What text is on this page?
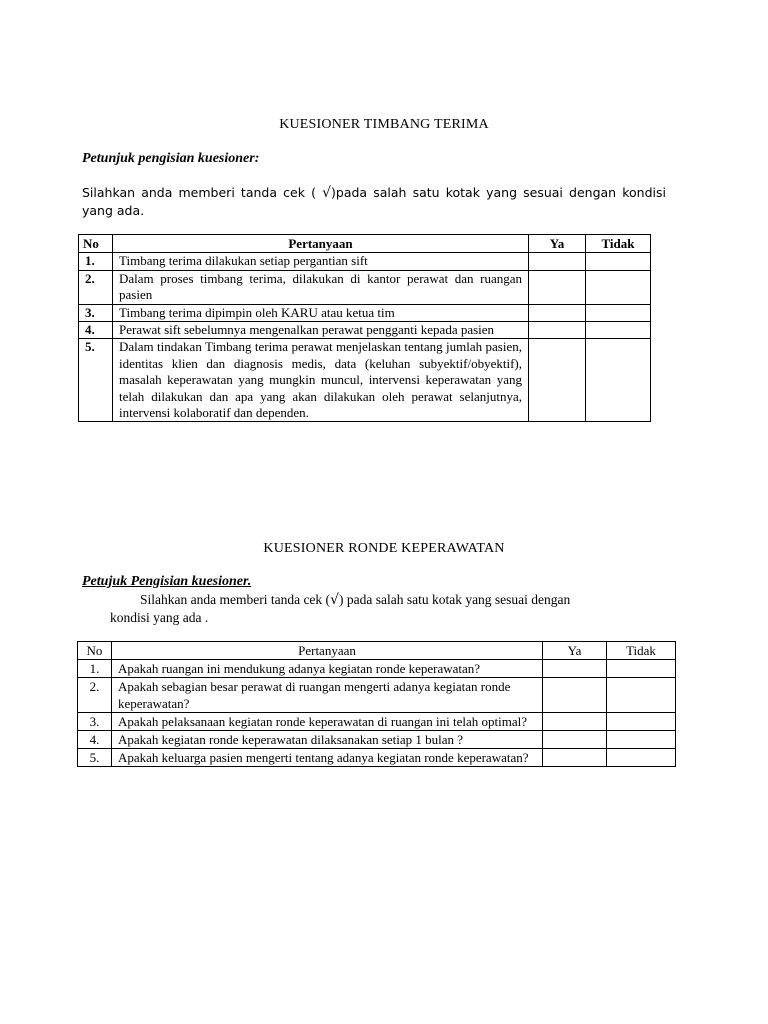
KUESIONER TIMBANG TERIMA
Petunjuk pengisian kuesioner:
Silahkan anda memberi tanda cek ( √)pada salah satu kotak yang sesuai dengan kondisi yang ada.
No	Pertanyaan	Ya	Tidak
1.	Timbang terima dilakukan setiap pergantian sift		
2.	Dalam proses timbang terima, dilakukan di kantor perawat dan ruangan pasien		
3.	Timbang terima dipimpin oleh KARU atau ketua tim		
4.	Perawat sift sebelumnya mengenalkan perawat pengganti kepada pasien		
5.	Dalam tindakan Timbang terima perawat menjelaskan tentang jumlah pasien, identitas klien dan diagnosis medis, data (keluhan subyektif/obyektif), masalah keperawatan yang mungkin muncul, intervensi keperawatan yang telah dilakukan dan apa yang akan dilakukan oleh perawat selanjutnya, intervensi kolaboratif dan dependen.		
KUESIONER RONDE KEPERAWATAN
Petujuk Pengisian kuesioner.
Silahkan anda memberi tanda cek (√) pada salah satu kotak yang sesuai dengan
kondisi yang ada .
No	Pertanyaan	Ya	Tidak
1.	Apakah ruangan ini mendukung adanya kegiatan ronde keperawatan?		
2.	Apakah sebagian besar perawat di ruangan mengerti adanya kegiatan ronde keperawatan?		
3.	Apakah pelaksanaan kegiatan ronde keperawatan di ruangan ini telah optimal?		
4.	Apakah kegiatan ronde keperawatan dilaksanakan setiap 1 bulan ?		
5.	Apakah keluarga pasien mengerti tentang adanya kegiatan ronde keperawatan?		
